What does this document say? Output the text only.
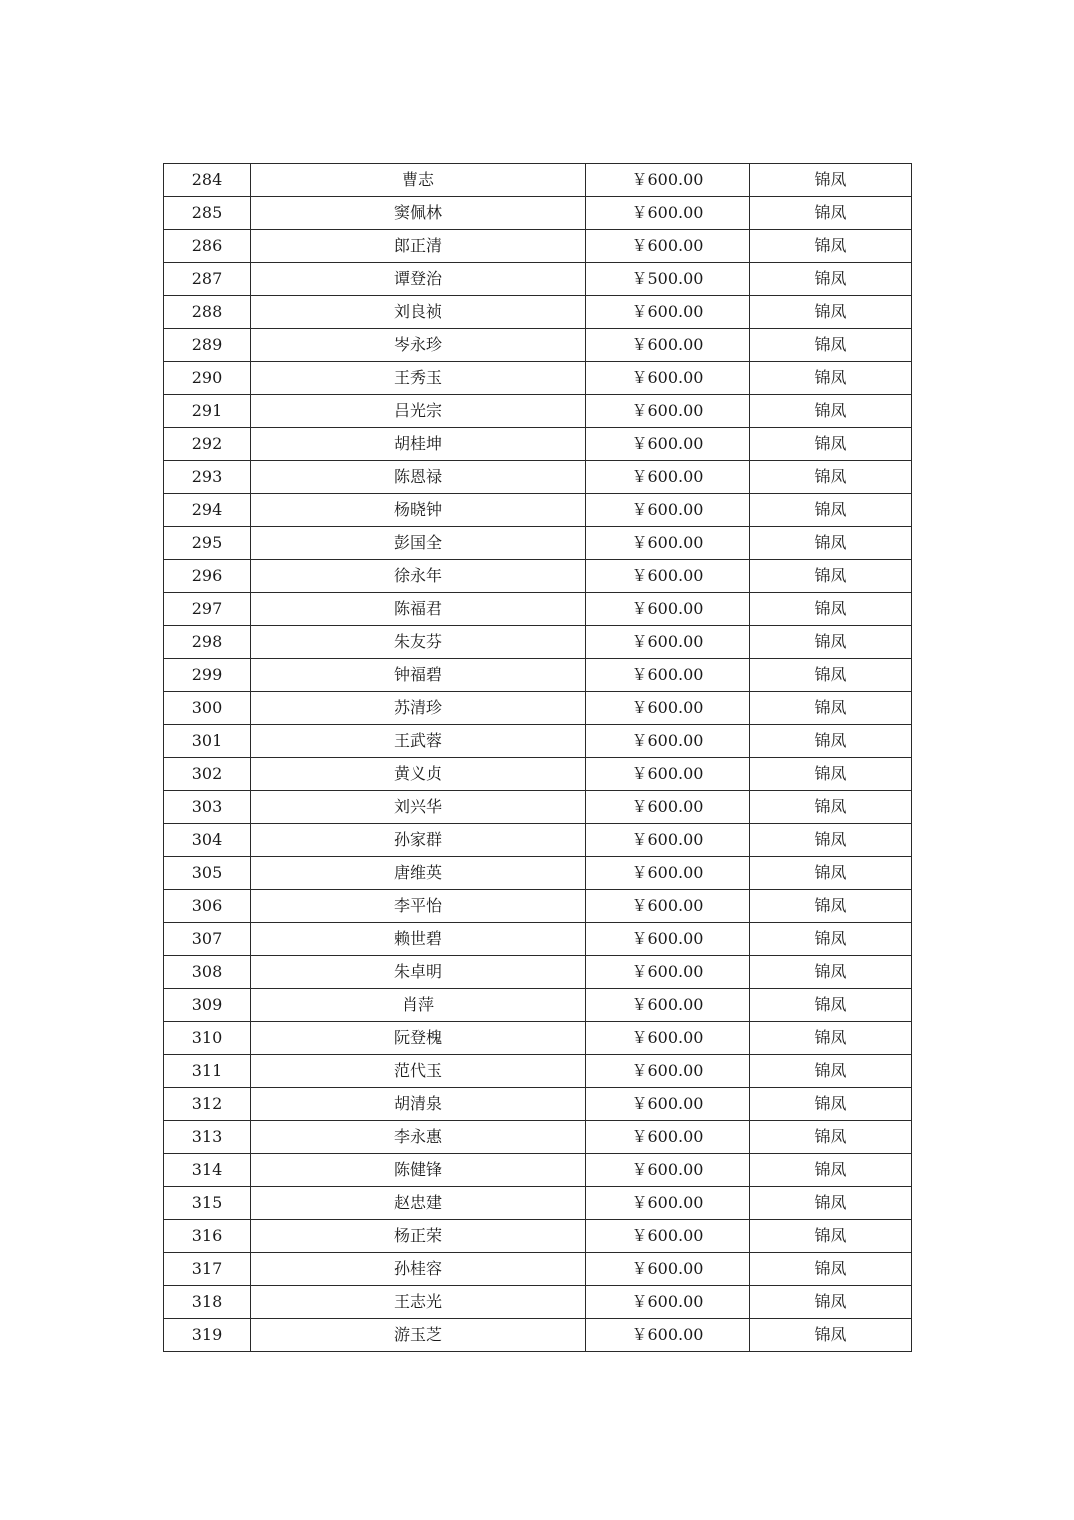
284	曹志	￥600.00	锦凤
285	窦佩林	￥600.00	锦凤
286	郎正清	￥600.00	锦凤
287	谭登治	￥500.00	锦凤
288	刘良祯	￥600.00	锦凤
289	岑永珍	￥600.00	锦凤
290	王秀玉	￥600.00	锦凤
291	吕光宗	￥600.00	锦凤
292	胡桂坤	￥600.00	锦凤
293	陈恩禄	￥600.00	锦凤
294	杨晓钟	￥600.00	锦凤
295	彭国全	￥600.00	锦凤
296	徐永年	￥600.00	锦凤
297	陈福君	￥600.00	锦凤
298	朱友芬	￥600.00	锦凤
299	钟福碧	￥600.00	锦凤
300	苏清珍	￥600.00	锦凤
301	王武蓉	￥600.00	锦凤
302	黄义贞	￥600.00	锦凤
303	刘兴华	￥600.00	锦凤
304	孙家群	￥600.00	锦凤
305	唐维英	￥600.00	锦凤
306	李平怡	￥600.00	锦凤
307	赖世碧	￥600.00	锦凤
308	朱卓明	￥600.00	锦凤
309	肖萍	￥600.00	锦凤
310	阮登槐	￥600.00	锦凤
311	范代玉	￥600.00	锦凤
312	胡清泉	￥600.00	锦凤
313	李永惠	￥600.00	锦凤
314	陈健锋	￥600.00	锦凤
315	赵忠建	￥600.00	锦凤
316	杨正荣	￥600.00	锦凤
317	孙桂容	￥600.00	锦凤
318	王志光	￥600.00	锦凤
319	游玉芝	￥600.00	锦凤
